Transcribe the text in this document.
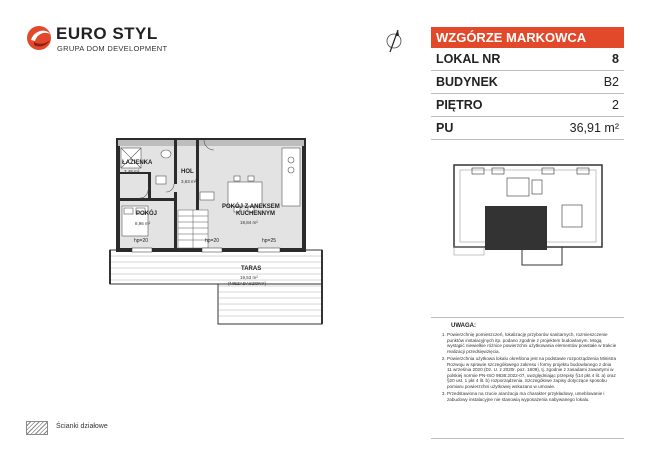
EURO STYL
GRUPA DOM DEVELOPMENT
WZGÓRZE MARKOWCA
LOKAL NR	8
BUDYNEK	B2
PIĘTRO	2
PU	36,91 m²
ŁAZIENKA
3,48 m²	HOL
3,63 m²
POKÓJ Z ANEKSEM
KUCHENNYM
19,84 m²
POKÓJ
8,96 m²
TARAS
19,53 m²
(NIEZADASZONY)
hp=20	hp=20	hp=25
UWAGA:
1. Powierzchnię pomieszczeń, lokalizację przyborów sanitarnych, rozmieszczenie punktów instalacyjnych itp. podano zgodnie z projektem budowlanym. Mogą wystąpić niewielkie różnice powierzchni użytkowania elementów powstałe w trakcie realizacji przedsięwzięcia.
2. Powierzchnia użytkowa lokalu określona jest na podstawie rozporządzenia Ministra Rozwoju w sprawie szczegółowego zakresu i formy projektu budowlanego z dnia 11 września 2020 (Dz. U. z 2020r. poz. 1609), tj. zgodnie z zasadami zawartymi w polskiej normie PN-ISO 9836:2022-07, uwzględniając przepisy §14 pkt 4 lit. a) oraz §20 ust. 1 pkt 4 lit. b) rozporządzenia. Szczegółowe zapisy dotyczące sposobu pomiaru powierzchni użytkowej wskazano w umowie.
3. Przedstawiona na rzucie aranżacja ma charakter przykładowy, umeblowanie i zabudowy instalacyjne nie stanowią wyposażenia nabywanego lokalu.
Ścianki działowe
